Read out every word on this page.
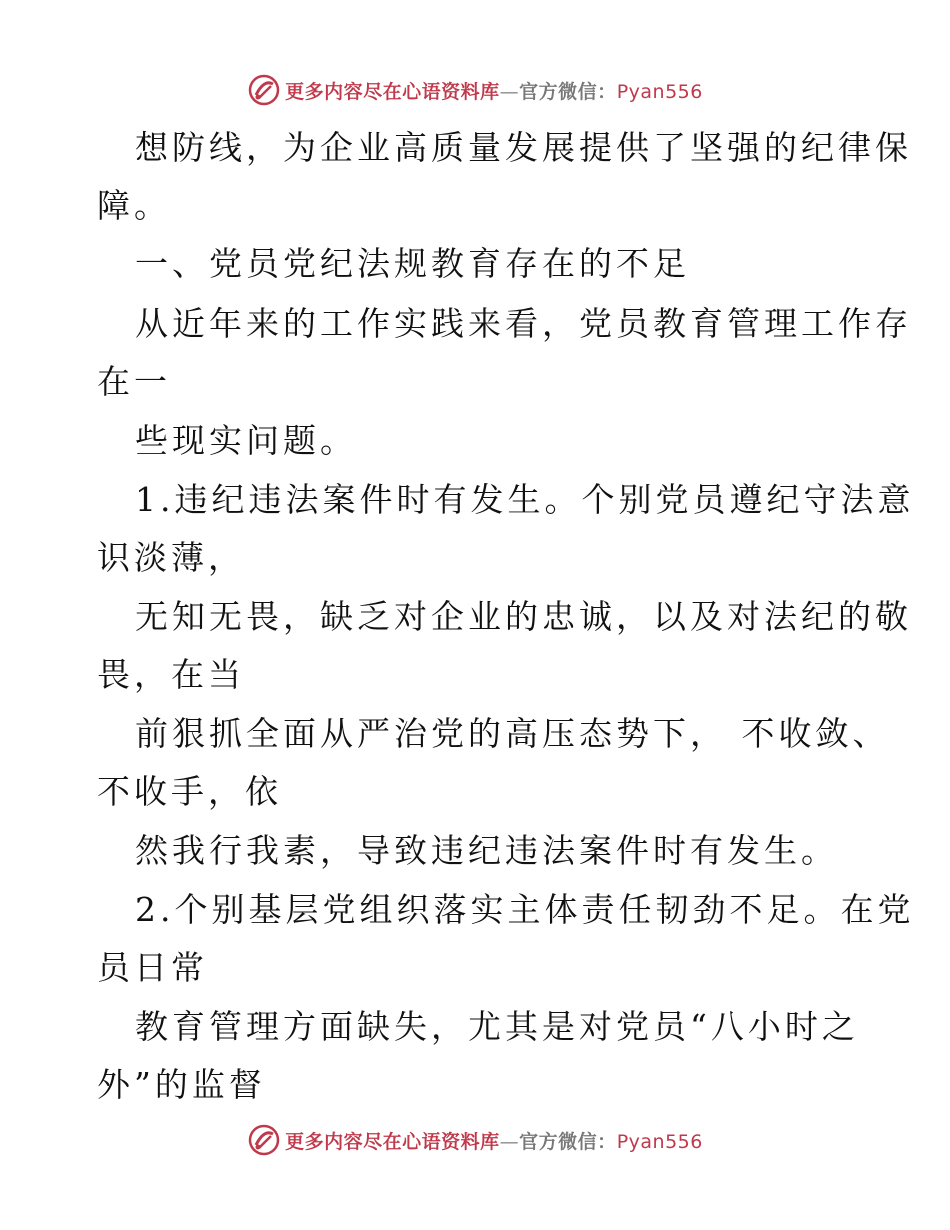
更多内容尽在心语资料库—官方微信：Pyan556
想防线，为企业高质量发展提供了坚强的纪律保
障。
一、党员党纪法规教育存在的不足
从近年来的工作实践来看，党员教育管理工作存
在一
些现实问题。
1.违纪违法案件时有发生。个别党员遵纪守法意
识淡薄，
无知无畏，缺乏对企业的忠诚，以及对法纪的敬
畏，在当
前狠抓全面从严治党的高压态势下， 不收敛、
不收手，依
然我行我素，导致违纪违法案件时有发生。
2.个别基层党组织落实主体责任韧劲不足。在党
员日常
教育管理方面缺失，尤其是对党员“八小时之
外”的监督
更多内容尽在心语资料库—官方微信：Pyan556
